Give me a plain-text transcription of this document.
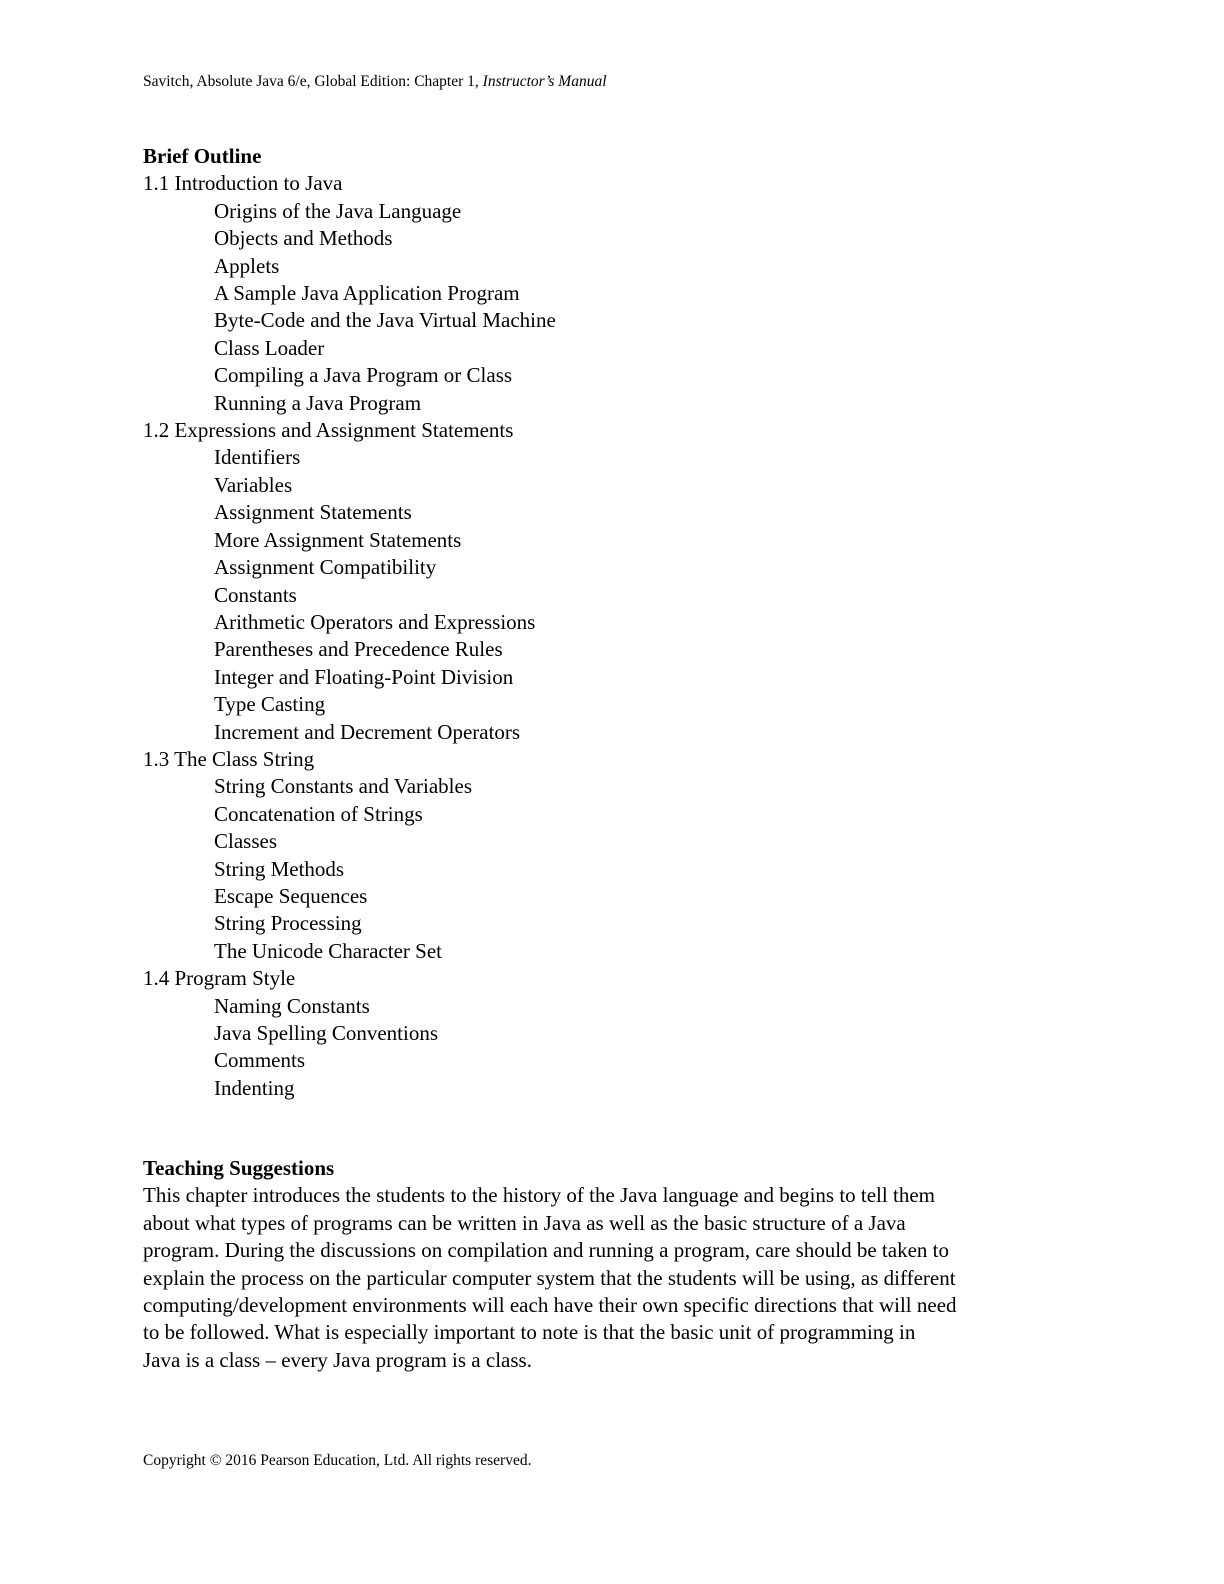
Savitch, Absolute Java 6/e, Global Edition: Chapter 1, Instructor’s Manual
Brief Outline
1.1 Introduction to Java
Origins of the Java Language
Objects and Methods
Applets
A Sample Java Application Program
Byte-Code and the Java Virtual Machine
Class Loader
Compiling a Java Program or Class
Running a Java Program
1.2 Expressions and Assignment Statements
Identifiers
Variables
Assignment Statements
More Assignment Statements
Assignment Compatibility
Constants
Arithmetic Operators and Expressions
Parentheses and Precedence Rules
Integer and Floating-Point Division
Type Casting
Increment and Decrement Operators
1.3 The Class String
String Constants and Variables
Concatenation of Strings
Classes
String Methods
Escape Sequences
String Processing
The Unicode Character Set
1.4 Program Style
Naming Constants
Java Spelling Conventions
Comments
Indenting
Teaching Suggestions

This chapter introduces the students to the history of the Java language and begins to tell them
about what types of programs can be written in Java as well as the basic structure of a Java
program. During the discussions on compilation and running a program, care should be taken to
explain the process on the particular computer system that the students will be using, as different
computing/development environments will each have their own specific directions that will need
to be followed. What is especially important to note is that the basic unit of programming in
Java is a class – every Java program is a class.

Copyright © 2016 Pearson Education, Ltd. All rights reserved.
